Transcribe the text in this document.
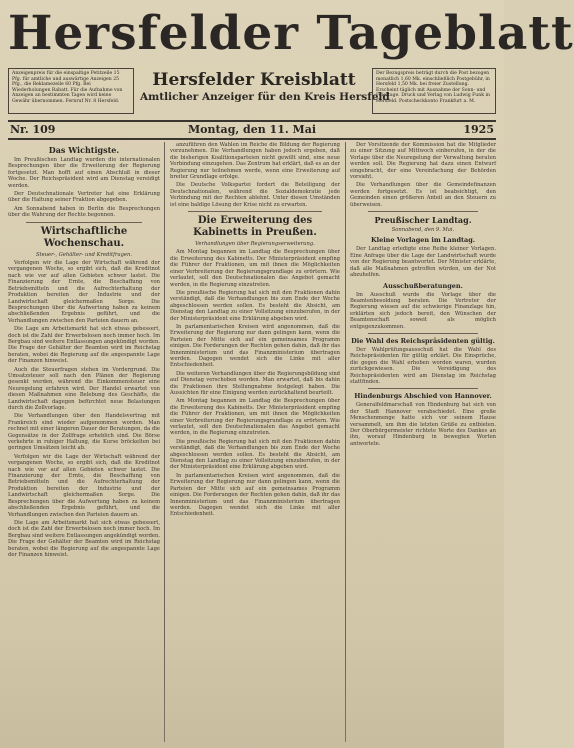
Hersfelder Tageblatt
Anzeigenpreis für die einspaltige Petitzeile 15 Pfg. für amtliche und auswärtige Anzeigen 25 Pfg., die Reklamezeile 60 Pfg. Bei Wiederholungen Rabatt. Für die Aufnahme von Anzeigen an bestimmten Tagen wird keine Gewähr übernommen. Fernruf Nr. 8 Hersfeld.
Hersfelder Kreisblatt
Amtlicher Anzeiger für den Kreis Hersfeld
Der Bezugspreis beträgt durch die Post bezogen monatlich 1,60 Mk. einschließlich Postgebühr, in Hersfeld 1,50 Mk. bei freier Zustellung. Erscheint täglich mit Ausnahme der Sonn- und Feiertage. Druck und Verlag von Ludwig Funk in Hersfeld. Postscheckkonto Frankfurt a. M.
Montag, den 11. Mai
Nr. 109	1925
Das Wichtigste.

Im Preußischen Landtag wurden die internationalen Besprechungen über die Erweiterung der Regierung fortgesetzt. Man hofft auf einen Abschluß in dieser Woche. Der Reichspräsident wird am Dienstag vereidigt werden.

Der Deutschnationale Vertreter hat eine Erklärung über die Haltung seiner Fraktion abgegeben.

Am Sonnabend haben in Berlin die Besprechungen über die Wahrung der Rechte begonnen.

Wirtschaftliche Wochenschau.
Steuer-, Gehälter- und Kreditfragen.

Verfolgen wir die Lage der Wirtschaft während der vergangenen Woche, so ergibt sich, daß die Kreditnot nach wie vor auf allen Gebieten schwer lastet. Die Finanzierung der Ernte, die Beschaffung von Betriebsmitteln und die Aufrechterhaltung der Produktion bereiten der Industrie und der Landwirtschaft gleichermaßen Sorge. Die Besprechungen über die Aufwertung haben zu keinem abschließenden Ergebnis geführt, und die Verhandlungen zwischen den Parteien dauern an.

Die Lage am Arbeitsmarkt hat sich etwas gebessert, doch ist die Zahl der Erwerbslosen noch immer hoch. Im Bergbau sind weitere Entlassungen angekündigt worden. Die Frage der Gehälter der Beamten wird im Reichstag beraten, wobei die Regierung auf die angespannte Lage der Finanzen hinweist.

Auch die Steuerfragen stehen im Vordergrund. Die Umsatzsteuer soll nach den Plänen der Regierung gesenkt werden, während die Einkommensteuer eine Neuregelung erfahren wird. Der Handel erwartet von diesen Maßnahmen eine Belebung des Geschäfts, die Landwirtschaft dagegen befürchtet neue Belastungen durch die Zollvorlage.

Die Verhandlungen über den Handelsvertrag mit Frankreich sind wieder aufgenommen worden. Man rechnet mit einer längeren Dauer der Beratungen, da die Gegensätze in der Zollfrage erheblich sind. Die Börse verkehrte in ruhiger Haltung, die Kurse bröckelten bei geringen Umsätzen leicht ab.

Verfolgen wir die Lage der Wirtschaft während der vergangenen Woche, so ergibt sich, daß die Kreditnot nach wie vor auf allen Gebieten schwer lastet. Die Finanzierung der Ernte, die Beschaffung von Betriebsmitteln und die Aufrechterhaltung der Produktion bereiten der Industrie und der Landwirtschaft gleichermaßen Sorge. Die Besprechungen über die Aufwertung haben zu keinem abschließenden Ergebnis geführt, und die Verhandlungen zwischen den Parteien dauern an.

Die Lage am Arbeitsmarkt hat sich etwas gebessert, doch ist die Zahl der Erwerbslosen noch immer hoch. Im Bergbau sind weitere Entlassungen angekündigt worden. Die Frage der Gehälter der Beamten wird im Reichstag beraten, wobei die Regierung auf die angespannte Lage der Finanzen hinweist.

anzuführen den Wahlen im Reiche die Bildung der Regierung vorzunehmen. Die Verhandlungen haben jedoch ergeben, daß die bisherigen Koalitionsparteien nicht gewillt sind, eine neue Verbindung einzugehen. Das Zentrum hat erklärt, daß es an der Regierung nur teilnehmen werde, wenn eine Erweiterung auf breiter Grundlage erfolge.

Die Deutsche Volkspartei fordert die Beteiligung der Deutschnationalen, während die Sozialdemokratie jede Verbindung mit der Rechten ablehnt. Unter diesen Umständen ist eine baldige Lösung der Krise nicht zu erwarten.

Die Erweiterung des Kabinetts in Preußen.
Verhandlungen über Regierungserweiterung.

Am Montag begannen im Landtag die Besprechungen über die Erweiterung des Kabinetts. Der Ministerpräsident empfing die Führer der Fraktionen, um mit ihnen die Möglichkeiten einer Verbreiterung der Regierungsgrundlage zu erörtern. Wie verlautet, soll den Deutschnationalen das Angebot gemacht werden, in die Regierung einzutreten.

Die preußische Regierung hat sich mit den Fraktionen dahin verständigt, daß die Verhandlungen bis zum Ende der Woche abgeschlossen werden sollen. Es besteht die Absicht, am Dienstag den Landtag zu einer Vollsitzung einzuberufen, in der der Ministerpräsident eine Erklärung abgeben wird.

In parlamentarischen Kreisen wird angenommen, daß die Erweiterung der Regierung nur dann gelingen kann, wenn die Parteien der Mitte sich auf ein gemeinsames Programm einigen. Die Forderungen der Rechten gehen dahin, daß ihr das Innenministerium und das Finanzministerium übertragen werden. Dagegen wendet sich die Linke mit aller Entschiedenheit.

Die weiteren Verhandlungen über die Regierungsbildung sind auf Dienstag verschoben worden. Man erwartet, daß bis dahin die Fraktionen ihre Stellungnahme festgelegt haben. Die Aussichten für eine Einigung werden zurückhaltend beurteilt.

Am Montag begannen im Landtag die Besprechungen über die Erweiterung des Kabinetts. Der Ministerpräsident empfing die Führer der Fraktionen, um mit ihnen die Möglichkeiten einer Verbreiterung der Regierungsgrundlage zu erörtern. Wie verlautet, soll den Deutschnationalen das Angebot gemacht werden, in die Regierung einzutreten.

Die preußische Regierung hat sich mit den Fraktionen dahin verständigt, daß die Verhandlungen bis zum Ende der Woche abgeschlossen werden sollen. Es besteht die Absicht, am Dienstag den Landtag zu einer Vollsitzung einzuberufen, in der der Ministerpräsident eine Erklärung abgeben wird.

In parlamentarischen Kreisen wird angenommen, daß die Erweiterung der Regierung nur dann gelingen kann, wenn die Parteien der Mitte sich auf ein gemeinsames Programm einigen. Die Forderungen der Rechten gehen dahin, daß ihr das Innenministerium und das Finanzministerium übertragen werden. Dagegen wendet sich die Linke mit aller Entschiedenheit.

Der Vorsitzende der Kommission hat die Mitglieder zu einer Sitzung auf Mittwoch einberufen, in der die Vorlage über die Neuregelung der Verwaltung beraten werden soll. Die Regierung hat dazu einen Entwurf eingebracht, der eine Vereinfachung der Behörden vorsieht.

Die Verhandlungen über die Gemeindefinanzen werden fortgesetzt. Es ist beabsichtigt, den Gemeinden einen größeren Anteil an den Steuern zu überweisen.

Preußischer Landtag.
Sonnabend, den 9. Mai.
Kleine Vorlagen im Landtag.

Der Landtag erledigte eine Reihe kleiner Vorlagen. Eine Anfrage über die Lage der Landwirtschaft wurde von der Regierung beantwortet. Der Minister erklärte, daß alle Maßnahmen getroffen würden, um der Not abzuhelfen.

Ausschußberatungen.

Im Ausschuß wurde die Vorlage über die Beamtenbesoldung beraten. Die Vertreter der Regierung wiesen auf die schwierige Finanzlage hin, erklärten sich jedoch bereit, den Wünschen der Beamtenschaft soweit als möglich entgegenzukommen.

Die Wahl des Reichspräsidenten gültig.

Der Wahlprüfungsausschuß hat die Wahl des Reichspräsidenten für gültig erklärt. Die Einsprüche, die gegen die Wahl erhoben worden waren, wurden zurückgewiesen. Die Vereidigung des Reichspräsidenten wird am Dienstag im Reichstag stattfinden.

Hindenburgs Abschied von Hannover.

Generalfeldmarschall von Hindenburg hat sich von der Stadt Hannover verabschiedet. Eine große Menschenmenge hatte sich vor seinem Hause versammelt, um ihm die letzten Grüße zu entbieten. Der Oberbürgermeister richtete Worte des Dankes an ihn, worauf Hindenburg in bewegten Worten antwortete.
